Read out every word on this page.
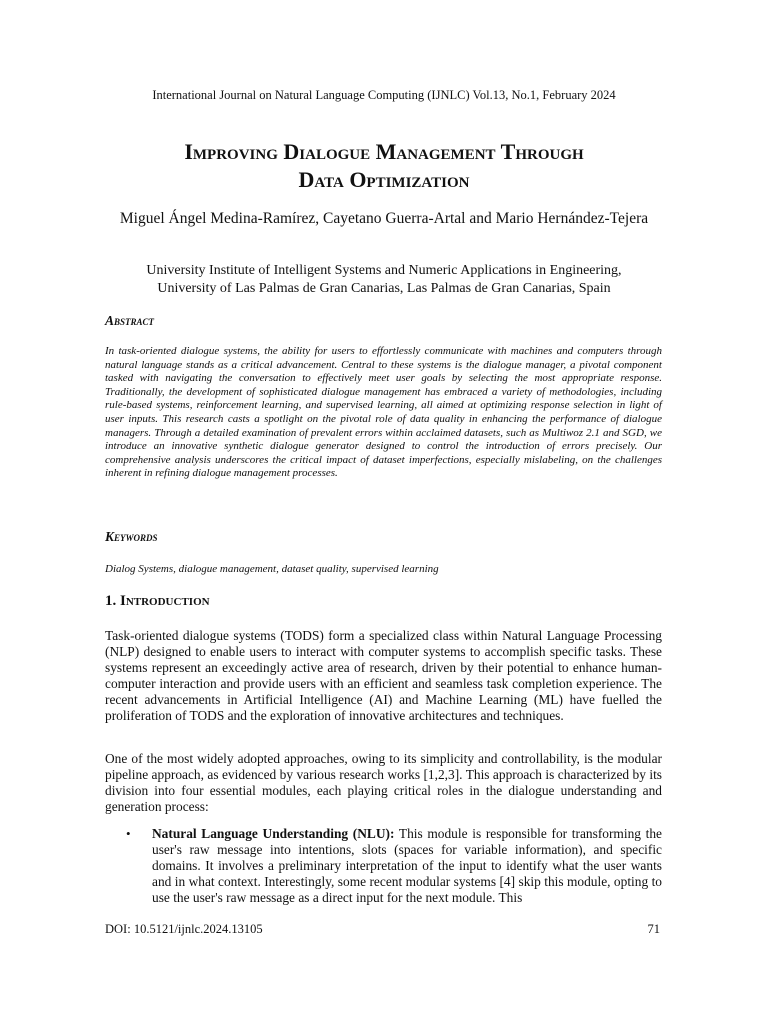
International Journal on Natural Language Computing (IJNLC) Vol.13, No.1, February 2024
Improving Dialogue Management Through
Data Optimization
Miguel Ángel Medina-Ramírez, Cayetano Guerra-Artal and Mario Hernández-Tejera
University Institute of Intelligent Systems and Numeric Applications in Engineering,
University of Las Palmas de Gran Canarias, Las Palmas de Gran Canarias, Spain
Abstract
In task-oriented dialogue systems, the ability for users to effortlessly communicate with machines and computers through natural language stands as a critical advancement. Central to these systems is the dialogue manager, a pivotal component tasked with navigating the conversation to effectively meet user goals by selecting the most appropriate response. Traditionally, the development of sophisticated dialogue management has embraced a variety of methodologies, including rule-based systems, reinforcement learning, and supervised learning, all aimed at optimizing response selection in light of user inputs. This research casts a spotlight on the pivotal role of data quality in enhancing the performance of dialogue managers. Through a detailed examination of prevalent errors within acclaimed datasets, such as Multiwoz 2.1 and SGD, we introduce an innovative synthetic dialogue generator designed to control the introduction of errors precisely. Our comprehensive analysis underscores the critical impact of dataset imperfections, especially mislabeling, on the challenges inherent in refining dialogue management processes.
Keywords
Dialog Systems, dialogue management, dataset quality, supervised learning
1. Introduction
Task-oriented dialogue systems (TODS) form a specialized class within Natural Language Processing (NLP) designed to enable users to interact with computer systems to accomplish specific tasks. These systems represent an exceedingly active area of research, driven by their potential to enhance human-computer interaction and provide users with an efficient and seamless task completion experience. The recent advancements in Artificial Intelligence (AI) and Machine Learning (ML) have fuelled the proliferation of TODS and the exploration of innovative architectures and techniques.
One of the most widely adopted approaches, owing to its simplicity and controllability, is the modular pipeline approach, as evidenced by various research works [1,2,3]. This approach is characterized by its division into four essential modules, each playing critical roles in the dialogue understanding and generation process:
• Natural Language Understanding (NLU): This module is responsible for transforming the user's raw message into intentions, slots (spaces for variable information), and specific domains. It involves a preliminary interpretation of the input to identify what the user wants and in what context. Interestingly, some recent modular systems [4] skip this module, opting to use the user's raw message as a direct input for the next module. This
DOI: 10.5121/ijnlc.2024.13105	71
